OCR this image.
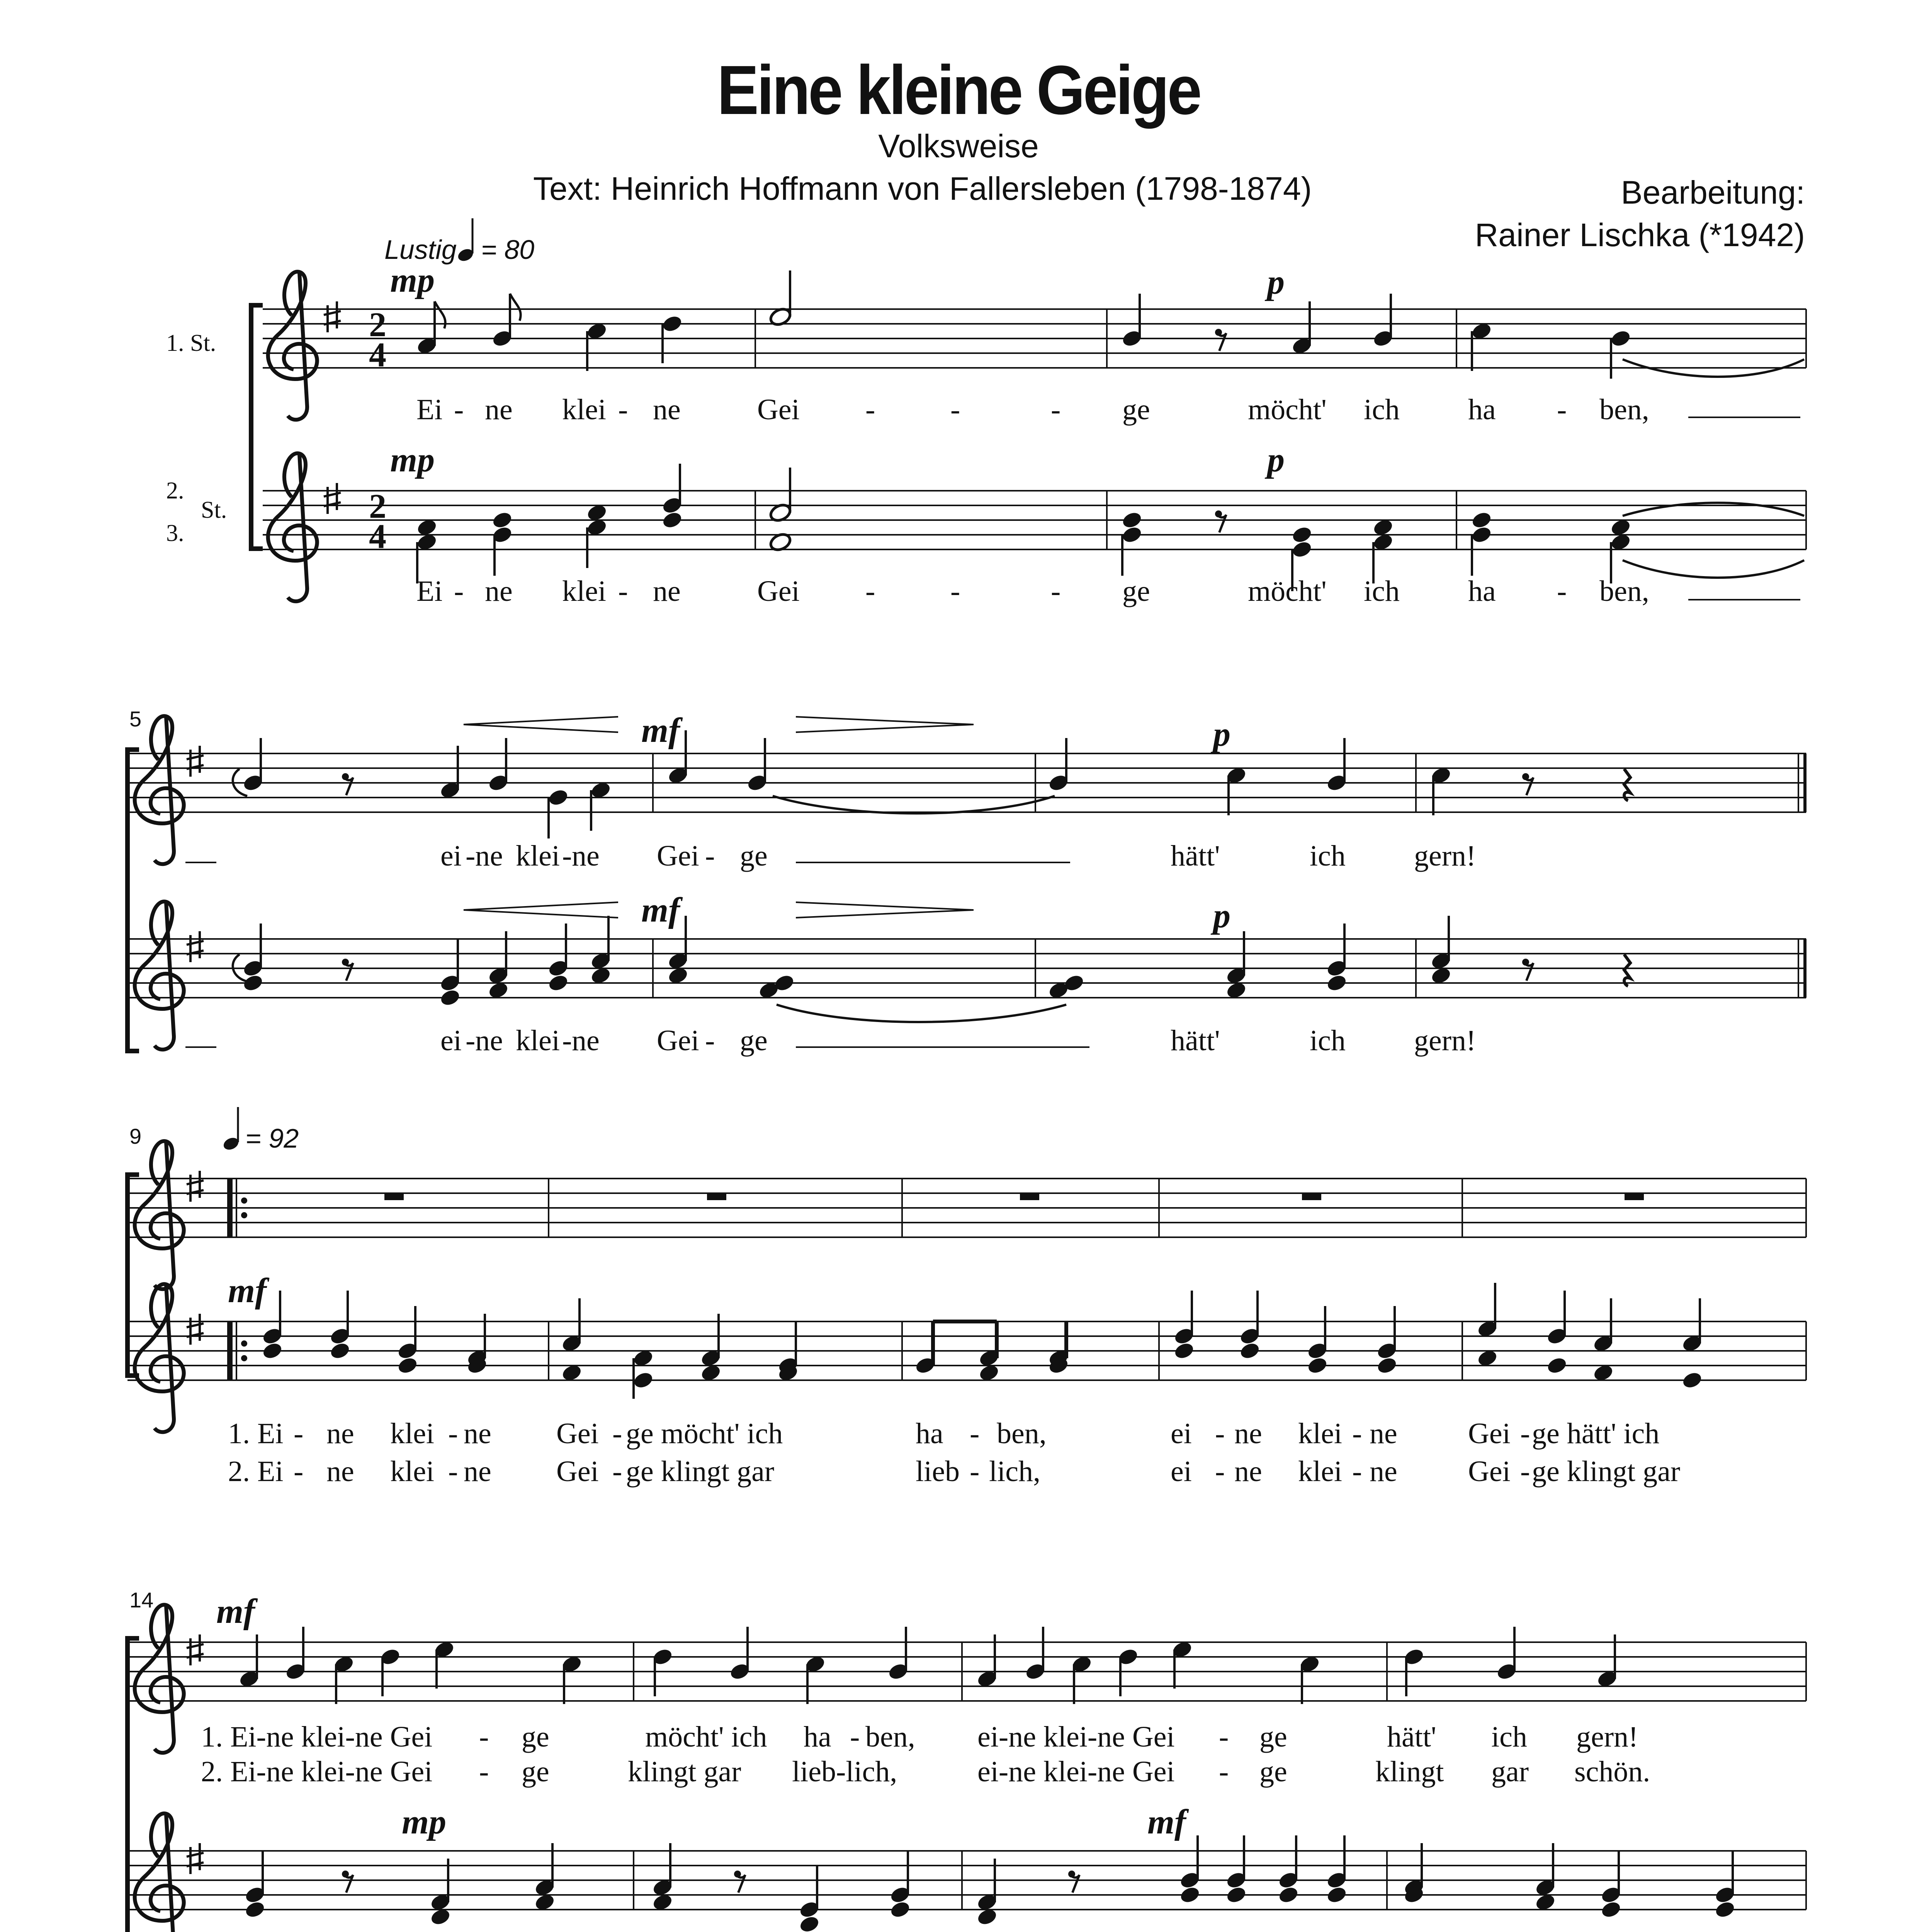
Eine kleine Geige
Volksweise
Text: Heinrich Hoffmann von Fallersleben (1798-1874)	Bearbeitung:
Rainer Lischka (*1942)
2
4
2
4
1. St.
2.
St.
3.
Lustig = 80
mp	p
mp	p
Ei - ne klei - ne	Gei -	-	- ge	möcht' ich ha - ben,
Ei - ne klei - ne	Gei -	-	- ge	möcht' ich ha - ben,
5	mf	p
mf	p
ei - ne klei - ne Gei - ge	hätt'	ich gern!
ei - ne klei - ne Gei - ge	hätt'	ich gern!
9	= 92
mf
1. Ei - ne klei - ne Gei - ge möcht' ich	ha - ben,	ei - ne klei - ne Gei - ge hätt' ich
2. Ei - ne klei - ne Gei - ge klingt gar	lieb - lich,	ei - ne klei - ne Gei - ge klingt gar
14 mf
mp	mf
1. Ei-ne klei-ne Gei - ge	möcht' ich ha - ben, ei-ne klei-ne Gei - ge	hätt' ich gern!
2. Ei-ne klei-ne Gei - ge	klingt gar lieb-lich,	ei-ne klei-ne Gei - ge	klingt gar schön.
